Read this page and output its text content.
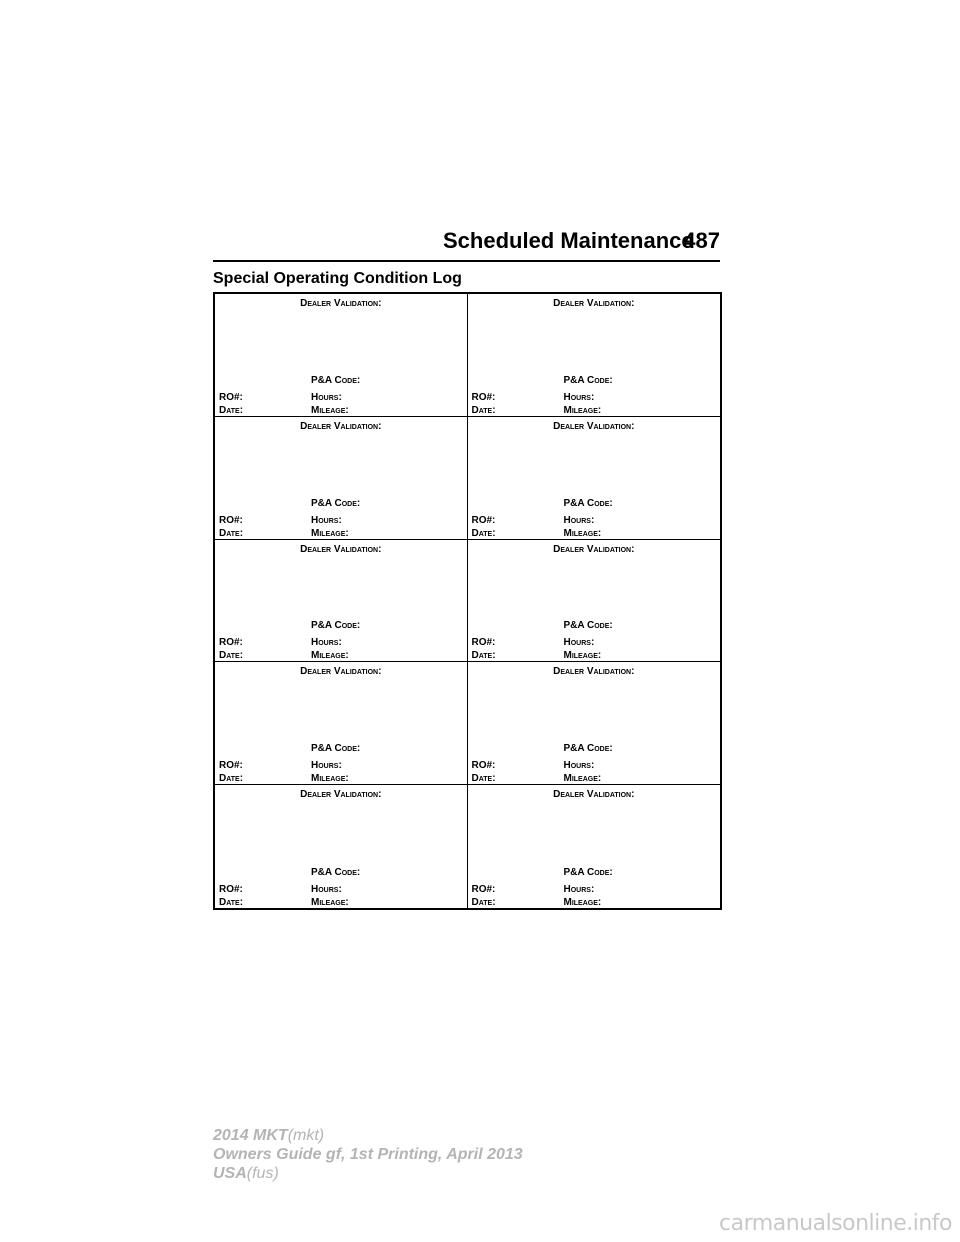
Scheduled Maintenance
487
Special Operating Condition Log
Dealer Validation:
P&A Code:
RO#:	Hours:
Date:	Mileage:
Dealer Validation:
P&A Code:
RO#:	Hours:
Date:	Mileage:
Dealer Validation:
P&A Code:
RO#:	Hours:
Date:	Mileage:
Dealer Validation:
P&A Code:
RO#:	Hours:
Date:	Mileage:
Dealer Validation:
P&A Code:
RO#:	Hours:
Date:	Mileage:
Dealer Validation:
P&A Code:
RO#:	Hours:
Date:	Mileage:
Dealer Validation:
P&A Code:
RO#:	Hours:
Date:	Mileage:
Dealer Validation:
P&A Code:
RO#:	Hours:
Date:	Mileage:
Dealer Validation:
P&A Code:
RO#:	Hours:
Date:	Mileage:
Dealer Validation:
P&A Code:
RO#:	Hours:
Date:	Mileage:
2014 MKT(mkt)
Owners Guide gf, 1st Printing, April 2013
USA(fus)
carmanualsonline.info
